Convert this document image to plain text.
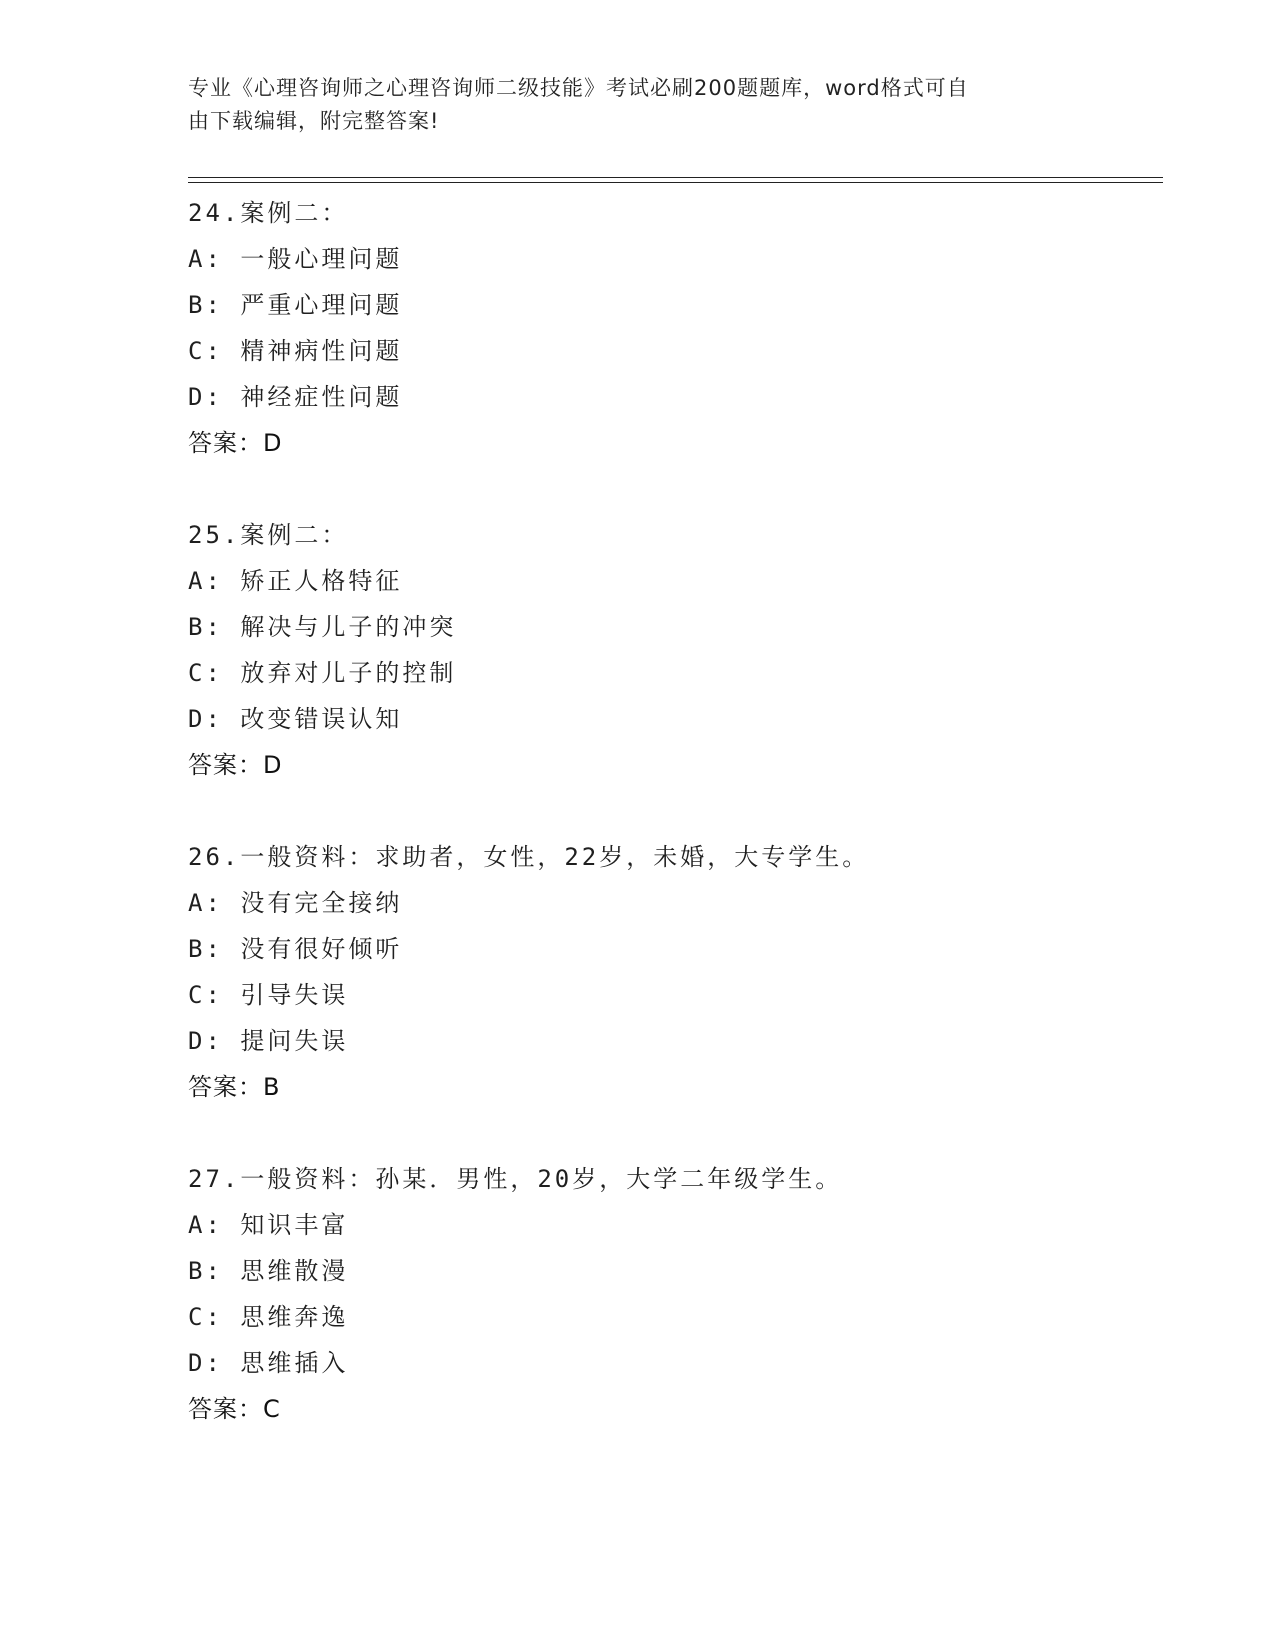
专业《心理咨询师之心理咨询师二级技能》考试必刷200题题库，word格式可自
由下载编辑，附完整答案!
24.案例二：
A: 一般心理问题
B: 严重心理问题
C: 精神病性问题
D: 神经症性问题
答案：D
25.案例二：
A: 矫正人格特征
B: 解决与儿子的冲突
C: 放弃对儿子的控制
D: 改变错误认知
答案：D
26.一般资料：求助者，女性，22岁，未婚，大专学生。
A: 没有完全接纳
B: 没有很好倾听
C: 引导失误
D: 提问失误
答案：B
27.一般资料：孙某．男性，20岁，大学二年级学生。
A: 知识丰富
B: 思维散漫
C: 思维奔逸
D: 思维插入
答案：C
